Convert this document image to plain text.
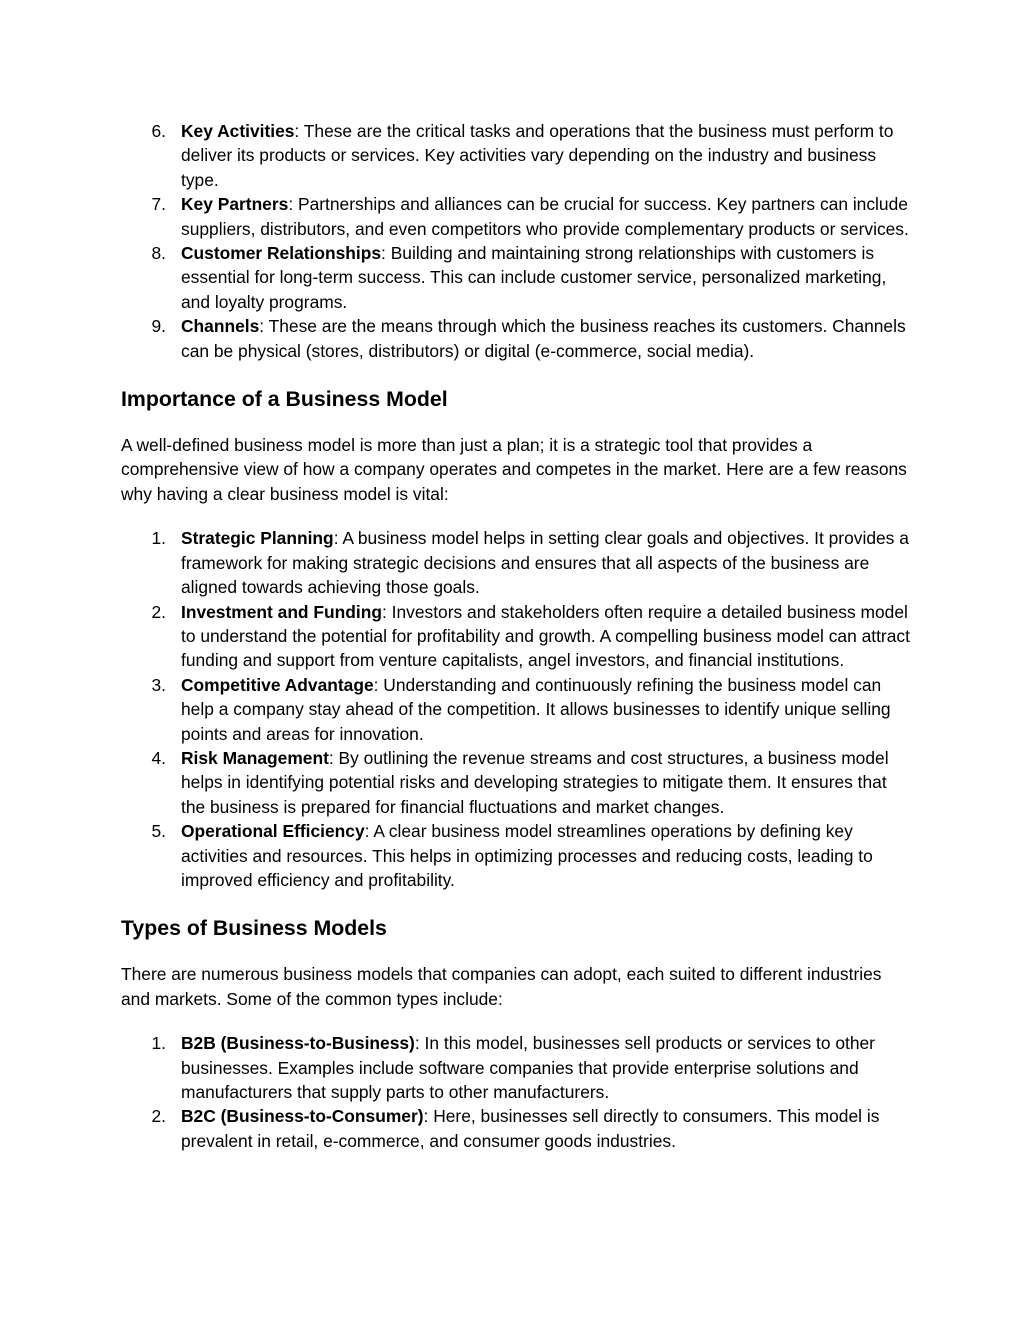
6. Key Activities: These are the critical tasks and operations that the business must perform to deliver its products or services. Key activities vary depending on the industry and business type.
7. Key Partners: Partnerships and alliances can be crucial for success. Key partners can include suppliers, distributors, and even competitors who provide complementary products or services.
8. Customer Relationships: Building and maintaining strong relationships with customers is essential for long-term success. This can include customer service, personalized marketing, and loyalty programs.
9. Channels: These are the means through which the business reaches its customers. Channels can be physical (stores, distributors) or digital (e-commerce, social media).
Importance of a Business Model

A well-defined business model is more than just a plan; it is a strategic tool that provides a comprehensive view of how a company operates and competes in the market. Here are a few reasons why having a clear business model is vital:

1. Strategic Planning: A business model helps in setting clear goals and objectives. It provides a framework for making strategic decisions and ensures that all aspects of the business are aligned towards achieving those goals.
2. Investment and Funding: Investors and stakeholders often require a detailed business model to understand the potential for profitability and growth. A compelling business model can attract funding and support from venture capitalists, angel investors, and financial institutions.
3. Competitive Advantage: Understanding and continuously refining the business model can help a company stay ahead of the competition. It allows businesses to identify unique selling points and areas for innovation.
4. Risk Management: By outlining the revenue streams and cost structures, a business model helps in identifying potential risks and developing strategies to mitigate them. It ensures that the business is prepared for financial fluctuations and market changes.
5. Operational Efficiency: A clear business model streamlines operations by defining key activities and resources. This helps in optimizing processes and reducing costs, leading to improved efficiency and profitability.
Types of Business Models

There are numerous business models that companies can adopt, each suited to different industries and markets. Some of the common types include:

1. B2B (Business-to-Business): In this model, businesses sell products or services to other businesses. Examples include software companies that provide enterprise solutions and manufacturers that supply parts to other manufacturers.
2. B2C (Business-to-Consumer): Here, businesses sell directly to consumers. This model is prevalent in retail, e-commerce, and consumer goods industries.
